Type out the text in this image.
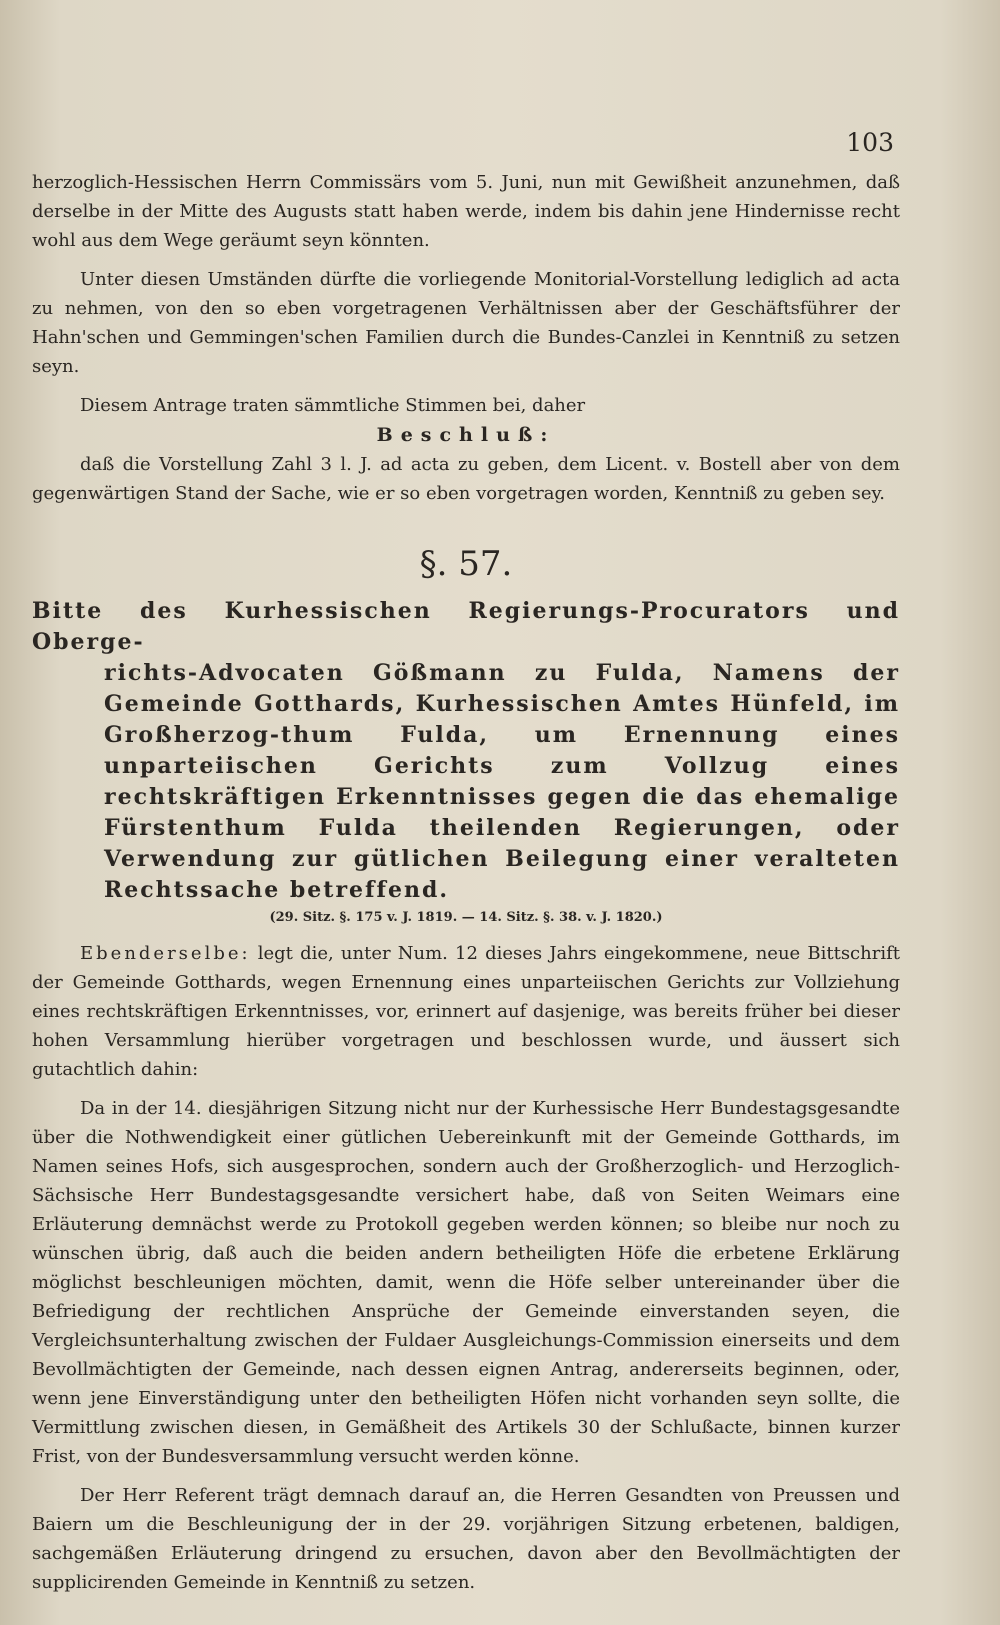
103

herzoglich-Hessischen Herrn Commissärs vom 5. Juni, nun mit Gewißheit anzunehmen, daß derselbe in der Mitte des Augusts statt haben werde, indem bis dahin jene Hindernisse recht wohl aus dem Wege geräumt seyn könnten.

Unter diesen Umständen dürfte die vorliegende Monitorial-Vorstellung lediglich ad acta zu nehmen, von den so eben vorgetragenen Verhältnissen aber der Geschäftsführer der Hahn'schen und Gemmingen'schen Familien durch die Bundes-Canzlei in Kenntniß zu setzen seyn.

Diesem Antrage traten sämmtliche Stimmen bei, daher

Beschluß:

daß die Vorstellung Zahl 3 l. J. ad acta zu geben, dem Licent. v. Bostell aber von dem gegenwärtigen Stand der Sache, wie er so eben vorgetragen worden, Kenntniß zu geben sey.

§. 57.
Bitte des Kurhessischen Regierungs-Procurators und Oberge-
richts-Advocaten Gößmann zu Fulda, Namens der Gemeinde Gotthards, Kurhessischen Amtes Hünfeld, im Großherzog-thum Fulda, um Ernennung eines unparteiischen Gerichts zum Vollzug eines rechtskräftigen Erkenntnisses gegen die das ehemalige Fürstenthum Fulda theilenden Regierungen, oder Verwendung zur gütlichen Beilegung einer veralteten Rechtssache betreffend.
(29. Sitz. §. 175 v. J. 1819. — 14. Sitz. §. 38. v. J. 1820.)

Ebenderselbe: legt die, unter Num. 12 dieses Jahrs eingekommene, neue Bittschrift der Gemeinde Gotthards, wegen Ernennung eines unparteiischen Gerichts zur Vollziehung eines rechtskräftigen Erkenntnisses, vor, erinnert auf dasjenige, was bereits früher bei dieser hohen Versammlung hierüber vorgetragen und beschlossen wurde, und äussert sich gutachtlich dahin:

Da in der 14. diesjährigen Sitzung nicht nur der Kurhessische Herr Bundestagsgesandte über die Nothwendigkeit einer gütlichen Uebereinkunft mit der Gemeinde Gotthards, im Namen seines Hofs, sich ausgesprochen, sondern auch der Großherzoglich- und Herzoglich-Sächsische Herr Bundestagsgesandte versichert habe, daß von Seiten Weimars eine Erläuterung demnächst werde zu Protokoll gegeben werden können; so bleibe nur noch zu wünschen übrig, daß auch die beiden andern betheiligten Höfe die erbetene Erklärung möglichst beschleunigen möchten, damit, wenn die Höfe selber untereinander über die Befriedigung der rechtlichen Ansprüche der Gemeinde einverstanden seyen, die Vergleichsunterhaltung zwischen der Fuldaer Ausgleichungs-Commission einerseits und dem Bevollmächtigten der Gemeinde, nach dessen eignen Antrag, andererseits beginnen, oder, wenn jene Einverständigung unter den betheiligten Höfen nicht vorhanden seyn sollte, die Vermittlung zwischen diesen, in Gemäßheit des Artikels 30 der Schlußacte, binnen kurzer Frist, von der Bundesversammlung versucht werden könne.

Der Herr Referent trägt demnach darauf an, die Herren Gesandten von Preussen und Baiern um die Beschleunigung der in der 29. vorjährigen Sitzung erbetenen, baldigen, sachgemäßen Erläuterung dringend zu ersuchen, davon aber den Bevollmächtigten der supplicirenden Gemeinde in Kenntniß zu setzen.
